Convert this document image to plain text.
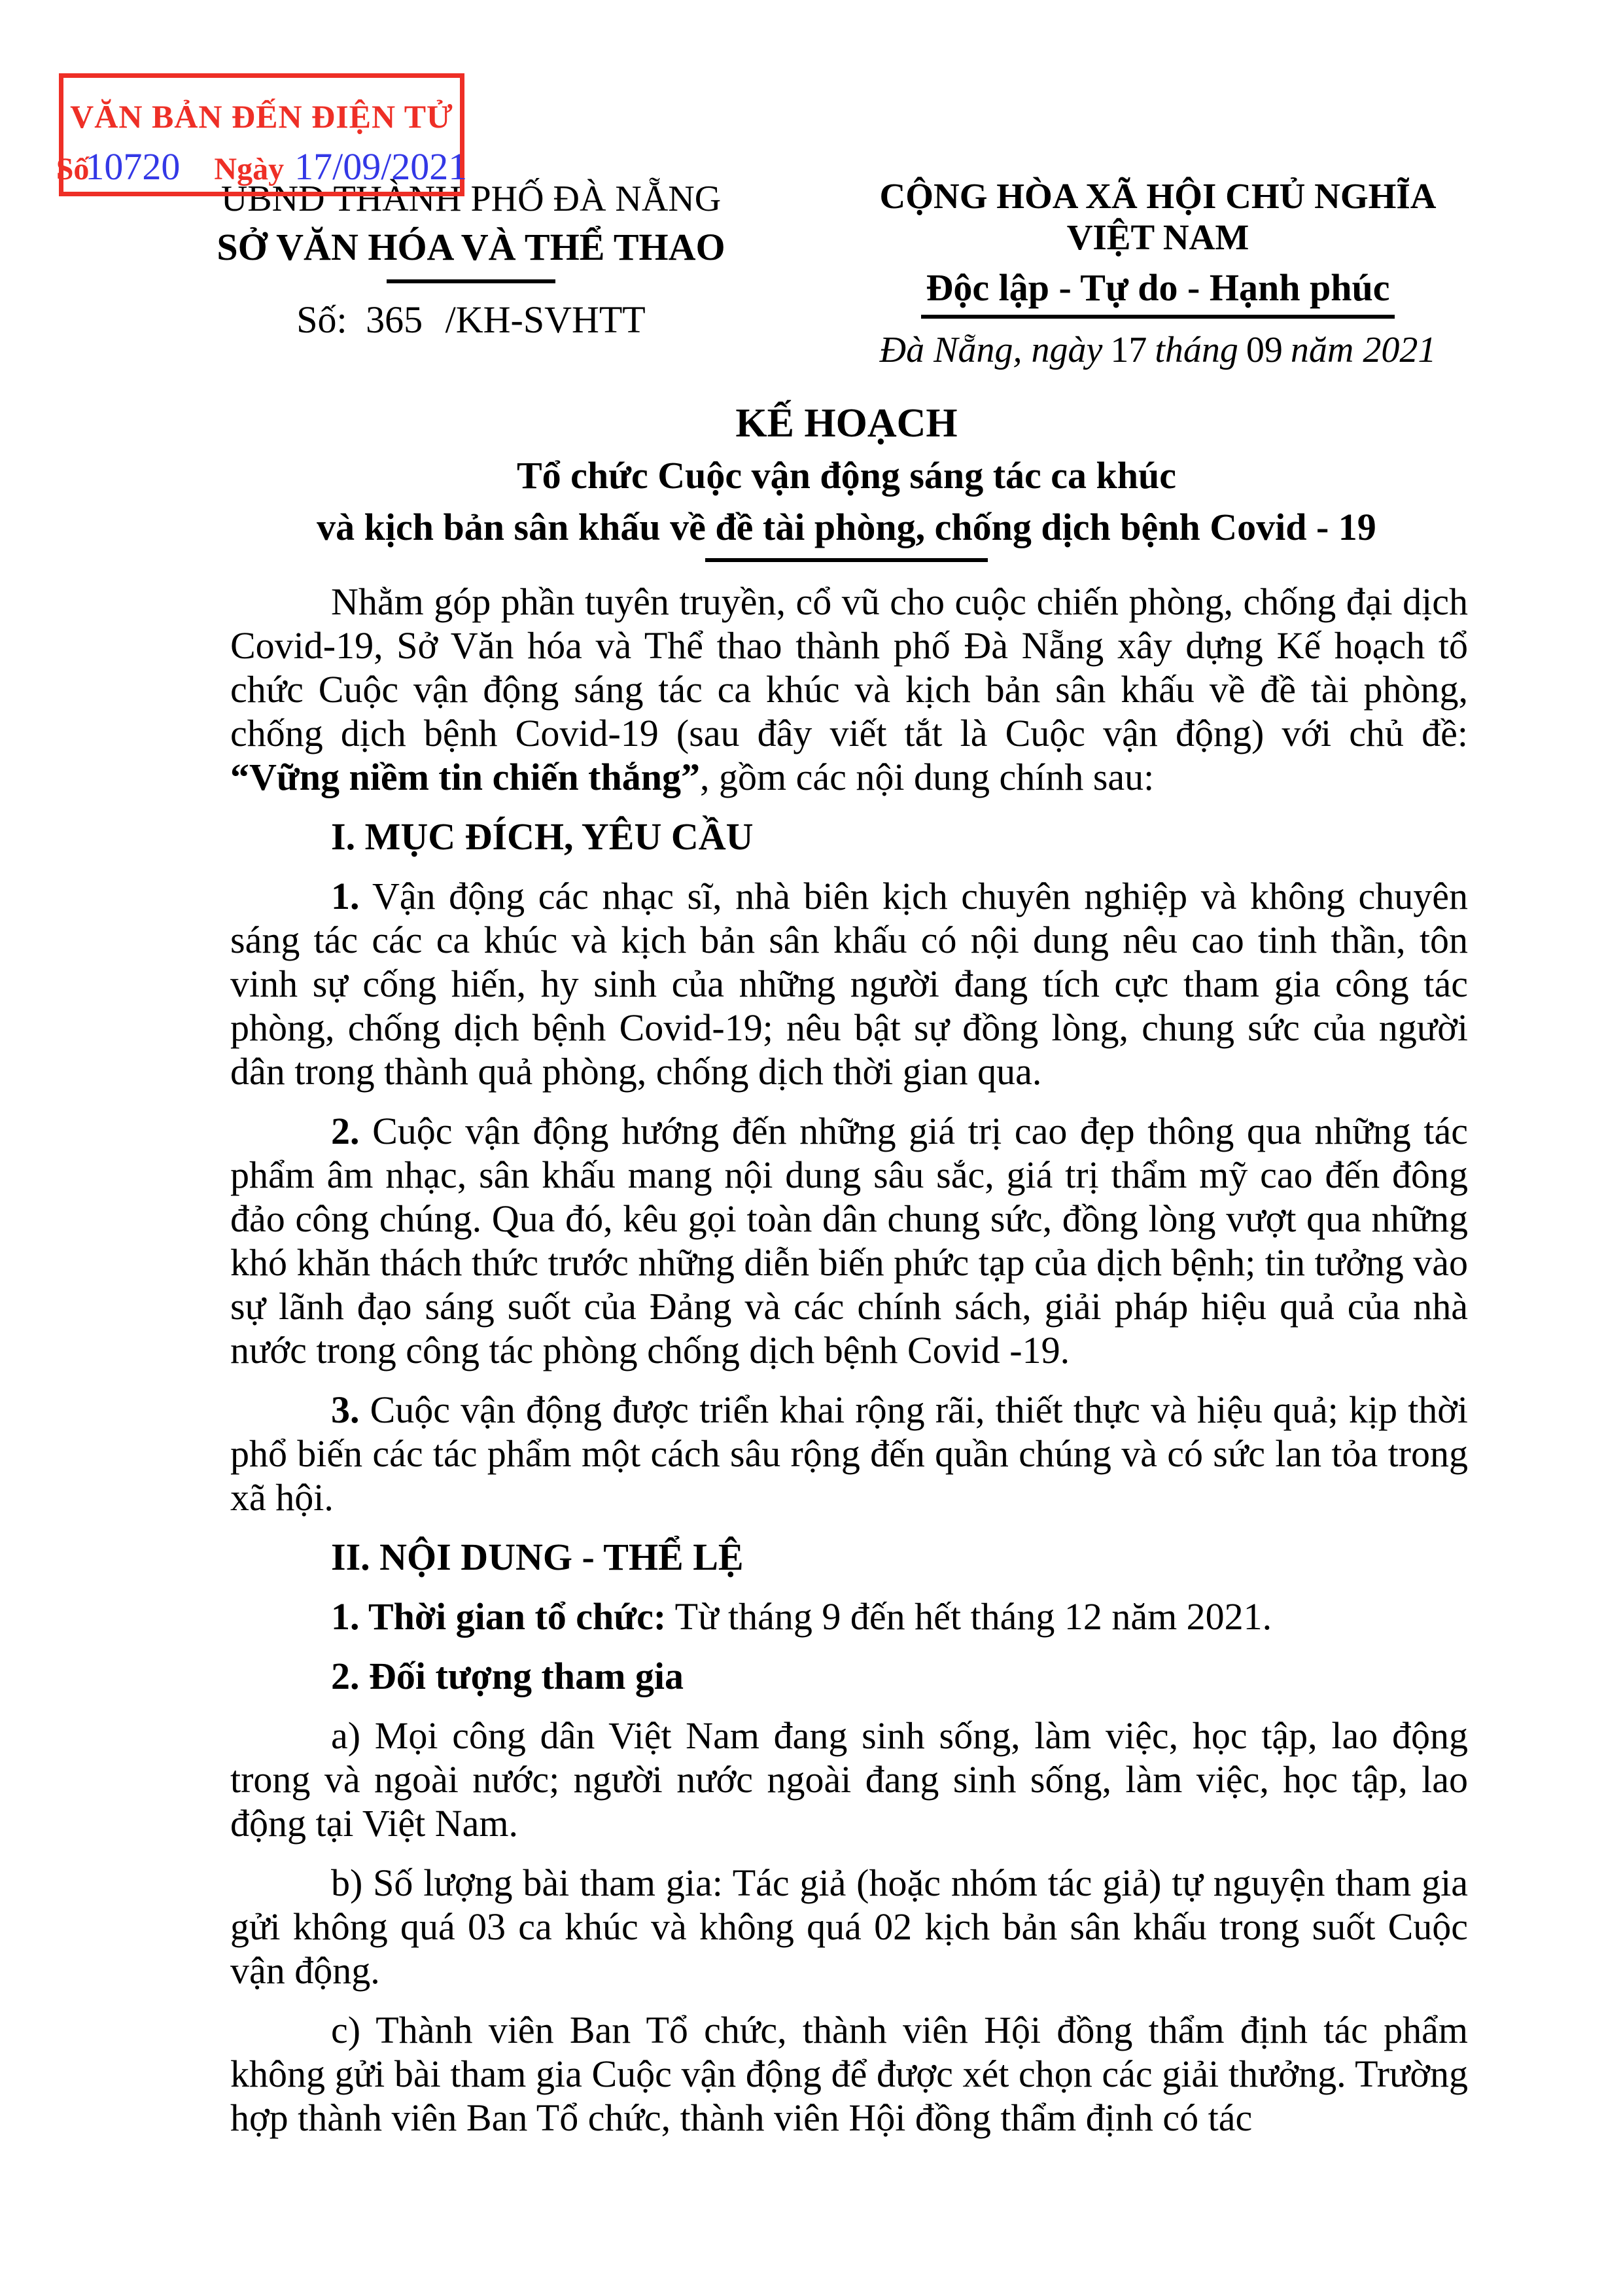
VĂN BẢN ĐẾN ĐIỆN TỬ
Số
10720 Ngày 17/09/2021
UBND THÀNH PHỐ ĐÀ NẴNG
SỞ VĂN HÓA VÀ THỂ THAO
Số: 365 /KH-SVHTT
CỘNG HÒA XÃ HỘI CHỦ NGHĨA VIỆT NAM
Độc lập - Tự do - Hạnh phúc
Đà Nẵng, ngày 17 tháng 09 năm 2021
KẾ HOẠCH
Tổ chức Cuộc vận động sáng tác ca khúc
và kịch bản sân khấu về đề tài phòng, chống dịch bệnh Covid - 19

Nhằm góp phần tuyên truyền, cổ vũ cho cuộc chiến phòng, chống đại dịch Covid-19, Sở Văn hóa và Thể thao thành phố Đà Nẵng xây dựng Kế hoạch tổ chức Cuộc vận động sáng tác ca khúc và kịch bản sân khấu về đề tài phòng, chống dịch bệnh Covid-19 (sau đây viết tắt là Cuộc vận động) với chủ đề: “Vững niềm tin chiến thắng”, gồm các nội dung chính sau:

I. MỤC ĐÍCH, YÊU CẦU

1. Vận động các nhạc sĩ, nhà biên kịch chuyên nghiệp và không chuyên sáng tác các ca khúc và kịch bản sân khấu có nội dung nêu cao tinh thần, tôn vinh sự cống hiến, hy sinh của những người đang tích cực tham gia công tác phòng, chống dịch bệnh Covid-19; nêu bật sự đồng lòng, chung sức của người dân trong thành quả phòng, chống dịch thời gian qua.

2. Cuộc vận động hướng đến những giá trị cao đẹp thông qua những tác phẩm âm nhạc, sân khấu mang nội dung sâu sắc, giá trị thẩm mỹ cao đến đông đảo công chúng. Qua đó, kêu gọi toàn dân chung sức, đồng lòng vượt qua những khó khăn thách thức trước những diễn biến phức tạp của dịch bệnh; tin tưởng vào sự lãnh đạo sáng suốt của Đảng và các chính sách, giải pháp hiệu quả của nhà nước trong công tác phòng chống dịch bệnh Covid -19.

3. Cuộc vận động được triển khai rộng rãi, thiết thực và hiệu quả; kịp thời phổ biến các tác phẩm một cách sâu rộng đến quần chúng và có sức lan tỏa trong xã hội.

II. NỘI DUNG - THỂ LỆ

1. Thời gian tổ chức: Từ tháng 9 đến hết tháng 12 năm 2021.

2. Đối tượng tham gia

a) Mọi công dân Việt Nam đang sinh sống, làm việc, học tập, lao động trong và ngoài nước; người nước ngoài đang sinh sống, làm việc, học tập, lao động tại Việt Nam.

b) Số lượng bài tham gia: Tác giả (hoặc nhóm tác giả) tự nguyện tham gia gửi không quá 03 ca khúc và không quá 02 kịch bản sân khấu trong suốt Cuộc vận động.

c) Thành viên Ban Tổ chức, thành viên Hội đồng thẩm định tác phẩm không gửi bài tham gia Cuộc vận động để được xét chọn các giải thưởng. Trường hợp thành viên Ban Tổ chức, thành viên Hội đồng thẩm định có tác
